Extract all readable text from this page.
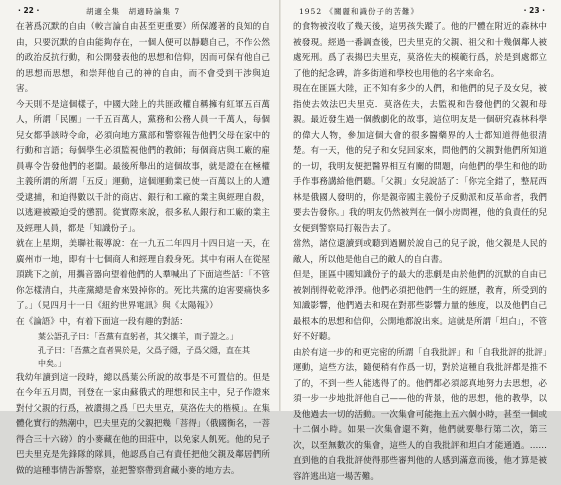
· 22 ·	胡適全集　胡適時論集 7

在著爲沉默的自由（較言論自由甚至更重要）所保護著的良知的自由，只要沉默的自由能夠存在，一個人便可以靜聽自己，不作公然的政治反抗行動，和公開發表他的思想和信仰，因而可保有他自己的思想而思想，和崇拜他自己的神的自由，而不會受到干涉與迫害。

今天則不是這個樣子，中國大陸上的共匪政權自稱擁有紅軍五百萬人，所謂「民團」一千五百萬人，黨務和公務人員一千萬人，每個兒女都爭該時令命，必須向地方黨部和警察報告他們父母在家中的行動和言語；每個學生必須監視他們的教師；每個商店與工廠的雇員專令告發他們的老闆。最後所舉出的這個故事，就是證在在極權主義所謂的所謂「五反」運動，這個運動業已使一百萬以上的人遭受逮捕，和迫得數以千計的商店、銀行和工廠的業主與經理自殺，以逃避被毆迫受的懲罰。從實際來說，很多私人銀行和工廠的業主及經理人員，都是「知識份子」。

就在上星期，美聯社報導說：在一九五二年四月十四日這一天，在廣州市一地，即有十七個商人和經理自殺身死。其中有兩人在從屋頂跳下之前，用攜音器向望着他們的人羣喊出了下面這些話：「不管你怎樣清白，共產黨總是會來毀掉你的。死比共黨的迫害要痛快多了。」（見四月十一日《紐約世界電訊》與《太陽報》）

在《論語》中，有着下面這一段有趣的對話：

葉公語孔子曰：「吾黨有直躬者，其父攘羊，而子證之。」
孔子曰：「吾黨之直者異於是，父爲子隱，子爲父隱，直在其
中矣。」

我幼年讀到這一段時，總以爲葉公所說的故事是不可置信的。但是在今年五月間，刊登在一家由蘇俄式的理想和民主中，兒子作證來對付父親的行爲，被讚揚之爲「巴夫里克，莫洛佐夫的楷模」。在集體化實行的熱潮中，巴夫里克的父親把幾「菩得」（俄國衡名，一菩得合三十六磅）的小麥藏在他的田莊中，以免家人飢死。他的兒子巴夫里克是先鋒隊的隊員，他認爲自己有責任把他父親及鄰居們所做的這種事情告訴警察，並把警察帶到倉藏小麥的地方去。

1952 《關麗和識份子的苦難》	· 23 ·

的食物被沒收了幾天後，這男孩失蹤了。他的尸體在附近的森林中被發現。經過一番調查後，巴夫里克的父親、祖父和十幾個鄰人被處死刑。爲了表揚巴夫里克，莫洛佐夫的模範行爲，於是到處都立了他的紀念碑，許多街道和學校也用他的名字來命名。

現在在匪區大陸，正不知有多少的人們，和他們的兒子及女兒，被指使去效法巴夫里克．莫洛佐夫，去監視和告發他們的父親和母親。最近發生過一個戲劇化的故事，這位明友是一個研究森林科學的偉大人物，參加這個大會的很多醫藥界的人士都知道得他很清楚。有一天，他的兒子和女兒回家來，問他們的父親對他們所知道的一切，我明友便把醫界相互有關的問題，向他們的學生和他的助手作事務講給他們聽。「父親」女兒說話了：「你完全錯了，整屁西林是俄國人發明的，你是親帝國主義份子反動派和反革命者，我們要去告發你。」我的明友仍然被判在一個小房間裡，他的負責任的兒女便到警察局打報告去了。

當然，諸位還讀到或聽到過關於說自己的兒子說，他父親是人民的敵人，所以他是他自己的敵人的自白書。

但是，匪區中國知識份子的最大的悲劇是由於他們的沉默的自由已被剝削得乾乾淨淨。他們必須把他們一生的經歷，教育，所受到的知識影響，他們過去和現在對那些影響力量的態度，以及他們自己最根本的思想和信仰，公開地都說出來。這就是所謂「坦白」，不管好不好聽。

由於有這一步的和更完密的所謂「自我批評」和「自我批評的批評」運動，這些方法，隨便稍有作爲一切，對於這種自我批評都是推不了的，不到一些人能逃得了的。他們都必須認真地努力去思想，必須一步一步地批評他自己——他的背景，他的思想，他的教學，以及他過去一切的活動。一次集會可能拖上五六個小時，甚至一個或十二個小時。如果一次集會還不夠，他們就要舉行第二次，第三次，以至無數次的集會，這些人的自我批評和坦白才能通過。……直到他的自我批評使得那些審判他的人感到滿意而後，他才算是被容許逃出這一場苦難。
